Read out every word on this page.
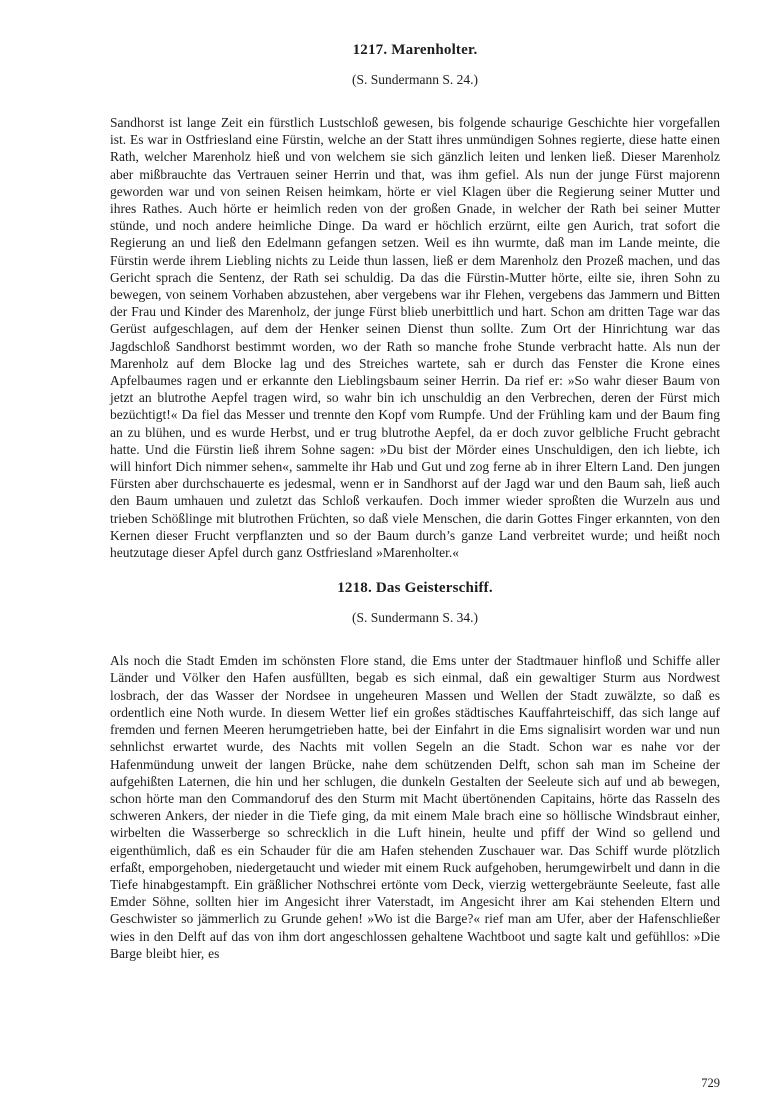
1217. Marenholter.

(S. Sundermann S. 24.)

Sandhorst ist lange Zeit ein fürstlich Lustschloß gewesen, bis folgende schaurige Geschichte hier vorgefallen ist. Es war in Ostfriesland eine Fürstin, welche an der Statt ihres unmündigen Sohnes regierte, diese hatte einen Rath, welcher Marenholz hieß und von welchem sie sich gänzlich leiten und lenken ließ. Dieser Marenholz aber mißbrauchte das Vertrauen seiner Herrin und that, was ihm gefiel. Als nun der junge Fürst majorenn geworden war und von seinen Reisen heimkam, hörte er viel Klagen über die Regierung seiner Mutter und ihres Rathes. Auch hörte er heimlich reden von der großen Gnade, in welcher der Rath bei seiner Mutter stünde, und noch andere heimliche Dinge. Da ward er höchlich erzürnt, eilte gen Aurich, trat sofort die Regierung an und ließ den Edelmann gefangen setzen. Weil es ihn wurmte, daß man im Lande meinte, die Fürstin werde ihrem Liebling nichts zu Leide thun lassen, ließ er dem Marenholz den Prozeß machen, und das Gericht sprach die Sentenz, der Rath sei schuldig. Da das die Fürstin-Mutter hörte, eilte sie, ihren Sohn zu bewegen, von seinem Vorhaben abzustehen, aber vergebens war ihr Flehen, vergebens das Jammern und Bitten der Frau und Kinder des Marenholz, der junge Fürst blieb unerbittlich und hart. Schon am dritten Tage war das Gerüst aufgeschlagen, auf dem der Henker seinen Dienst thun sollte. Zum Ort der Hinrichtung war das Jagdschloß Sandhorst bestimmt worden, wo der Rath so manche frohe Stunde verbracht hatte. Als nun der Marenholz auf dem Blocke lag und des Streiches wartete, sah er durch das Fenster die Krone eines Apfelbaumes ragen und er erkannte den Lieblingsbaum seiner Herrin. Da rief er: »So wahr dieser Baum von jetzt an blutrothe Aepfel tragen wird, so wahr bin ich unschuldig an den Verbrechen, deren der Fürst mich bezüchtigt!« Da fiel das Messer und trennte den Kopf vom Rumpfe. Und der Frühling kam und der Baum fing an zu blühen, und es wurde Herbst, und er trug blutrothe Aepfel, da er doch zuvor gelbliche Frucht gebracht hatte. Und die Fürstin ließ ihrem Sohne sagen: »Du bist der Mörder eines Unschuldigen, den ich liebte, ich will hinfort Dich nimmer sehen«, sammelte ihr Hab und Gut und zog ferne ab in ihrer Eltern Land. Den jungen Fürsten aber durchschauerte es jedesmal, wenn er in Sandhorst auf der Jagd war und den Baum sah, ließ auch den Baum umhauen und zuletzt das Schloß verkaufen. Doch immer wieder sproßten die Wurzeln aus und trieben Schößlinge mit blutrothen Früchten, so daß viele Menschen, die darin Gottes Finger erkannten, von den Kernen dieser Frucht verpflanzten und so der Baum durch’s ganze Land verbreitet wurde; und heißt noch heutzutage dieser Apfel durch ganz Ostfriesland »Marenholter.«

1218. Das Geisterschiff.

(S. Sundermann S. 34.)

Als noch die Stadt Emden im schönsten Flore stand, die Ems unter der Stadtmauer hinfloß und Schiffe aller Länder und Völker den Hafen ausfüllten, begab es sich einmal, daß ein gewaltiger Sturm aus Nordwest losbrach, der das Wasser der Nordsee in ungeheuren Massen und Wellen der Stadt zuwälzte, so daß es ordentlich eine Noth wurde. In diesem Wetter lief ein großes städtisches Kauffahrteischiff, das sich lange auf fremden und fernen Meeren herumgetrieben hatte, bei der Einfahrt in die Ems signalisirt worden war und nun sehnlichst erwartet wurde, des Nachts mit vollen Segeln an die Stadt. Schon war es nahe vor der Hafenmündung unweit der langen Brücke, nahe dem schützenden Delft, schon sah man im Scheine der aufgehißten Laternen, die hin und her schlugen, die dunkeln Gestalten der Seeleute sich auf und ab bewegen, schon hörte man den Commandoruf des den Sturm mit Macht übertönenden Capitains, hörte das Rasseln des schweren Ankers, der nieder in die Tiefe ging, da mit einem Male brach eine so höllische Windsbraut einher, wirbelten die Wasserberge so schrecklich in die Luft hinein, heulte und pfiff der Wind so gellend und eigenthümlich, daß es ein Schauder für die am Hafen stehenden Zuschauer war. Das Schiff wurde plötzlich erfaßt, emporgehoben, niedergetaucht und wieder mit einem Ruck aufgehoben, herumgewirbelt und dann in die Tiefe hinabgestampft. Ein gräßlicher Nothschrei ertönte vom Deck, vierzig wettergebräunte Seeleute, fast alle Emder Söhne, sollten hier im Angesicht ihrer Vaterstadt, im Angesicht ihrer am Kai stehenden Eltern und Geschwister so jämmerlich zu Grunde gehen! »Wo ist die Barge?« rief man am Ufer, aber der Hafenschließer wies in den Delft auf das von ihm dort angeschlossen gehaltene Wachtboot und sagte kalt und gefühllos: »Die Barge bleibt hier, es

729
